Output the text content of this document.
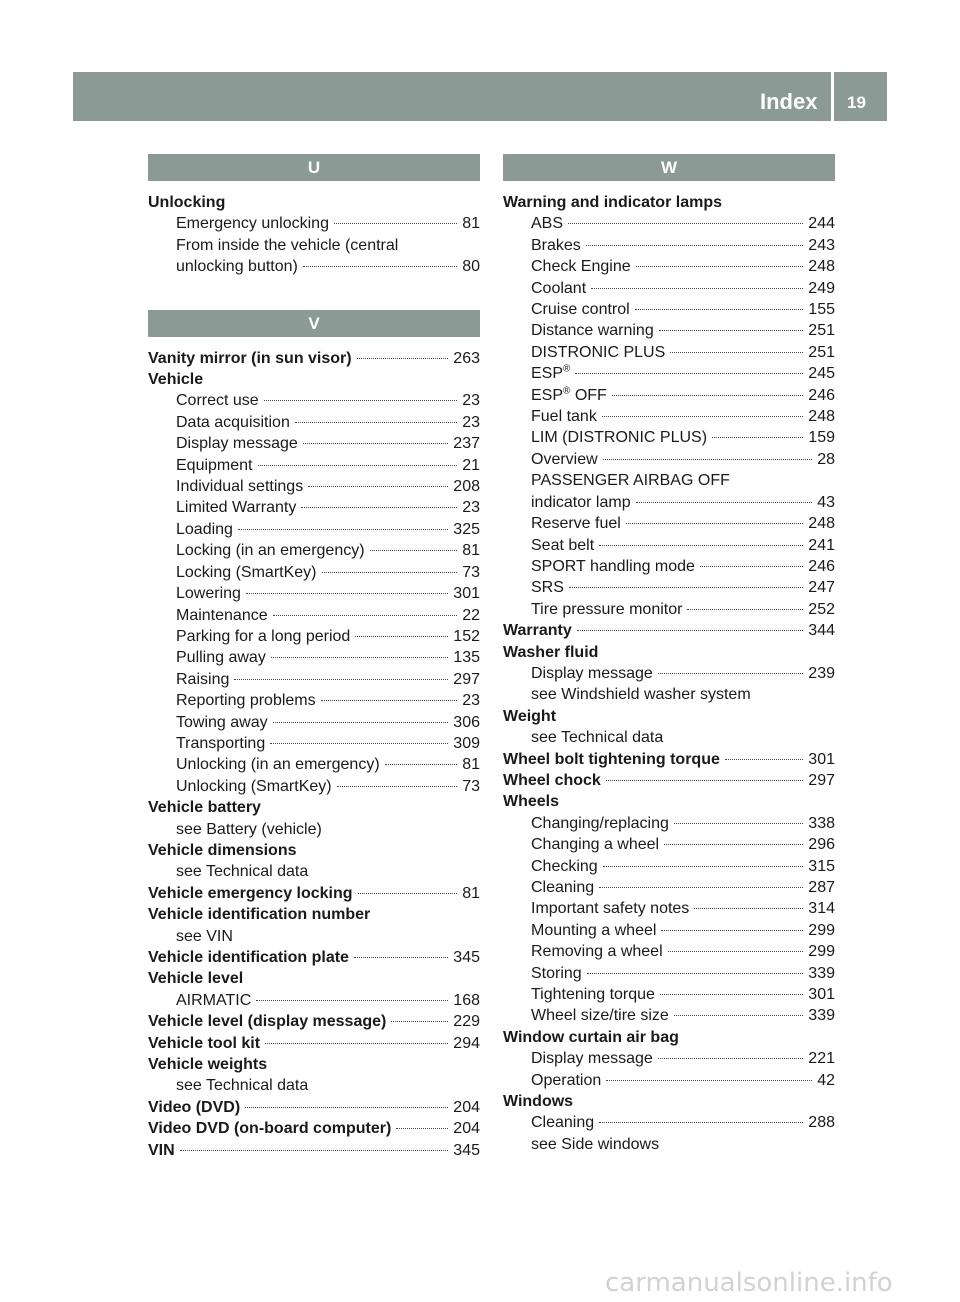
Index 19
U
Unlocking
Emergency unlocking	81
From inside the vehicle (central
unlocking button)	80
V
Vanity mirror (in sun visor)	263
Vehicle
Correct use	23
Data acquisition	23
Display message	237
Equipment	21
Individual settings	208
Limited Warranty	23
Loading	325
Locking (in an emergency)	81
Locking (SmartKey)	73
Lowering	301
Maintenance	22
Parking for a long period	152
Pulling away	135
Raising	297
Reporting problems	23
Towing away	306
Transporting	309
Unlocking (in an emergency)	81
Unlocking (SmartKey)	73
Vehicle battery
see Battery (vehicle)
Vehicle dimensions
see Technical data
Vehicle emergency locking	81
Vehicle identification number
see VIN
Vehicle identification plate	345
Vehicle level
AIRMATIC	168
Vehicle level (display message)	229
Vehicle tool kit	294
Vehicle weights
see Technical data
Video (DVD)	204
Video DVD (on-board computer)	204
VIN	345
W
Warning and indicator lamps
ABS	244
Brakes	243
Check Engine	248
Coolant	249
Cruise control	155
Distance warning	251
DISTRONIC PLUS	251
ESP®	245
ESP® OFF	246
Fuel tank	248
LIM (DISTRONIC PLUS)	159
Overview	28
PASSENGER AIRBAG OFF
indicator lamp	43
Reserve fuel	248
Seat belt	241
SPORT handling mode	246
SRS	247
Tire pressure monitor	252
Warranty	344
Washer fluid
Display message	239
see Windshield washer system
Weight
see Technical data
Wheel bolt tightening torque	301
Wheel chock	297
Wheels
Changing/replacing	338
Changing a wheel	296
Checking	315
Cleaning	287
Important safety notes	314
Mounting a wheel	299
Removing a wheel	299
Storing	339
Tightening torque	301
Wheel size/tire size	339
Window curtain air bag
Display message	221
Operation	42
Windows
Cleaning	288
see Side windows
carmanualsonline.info
